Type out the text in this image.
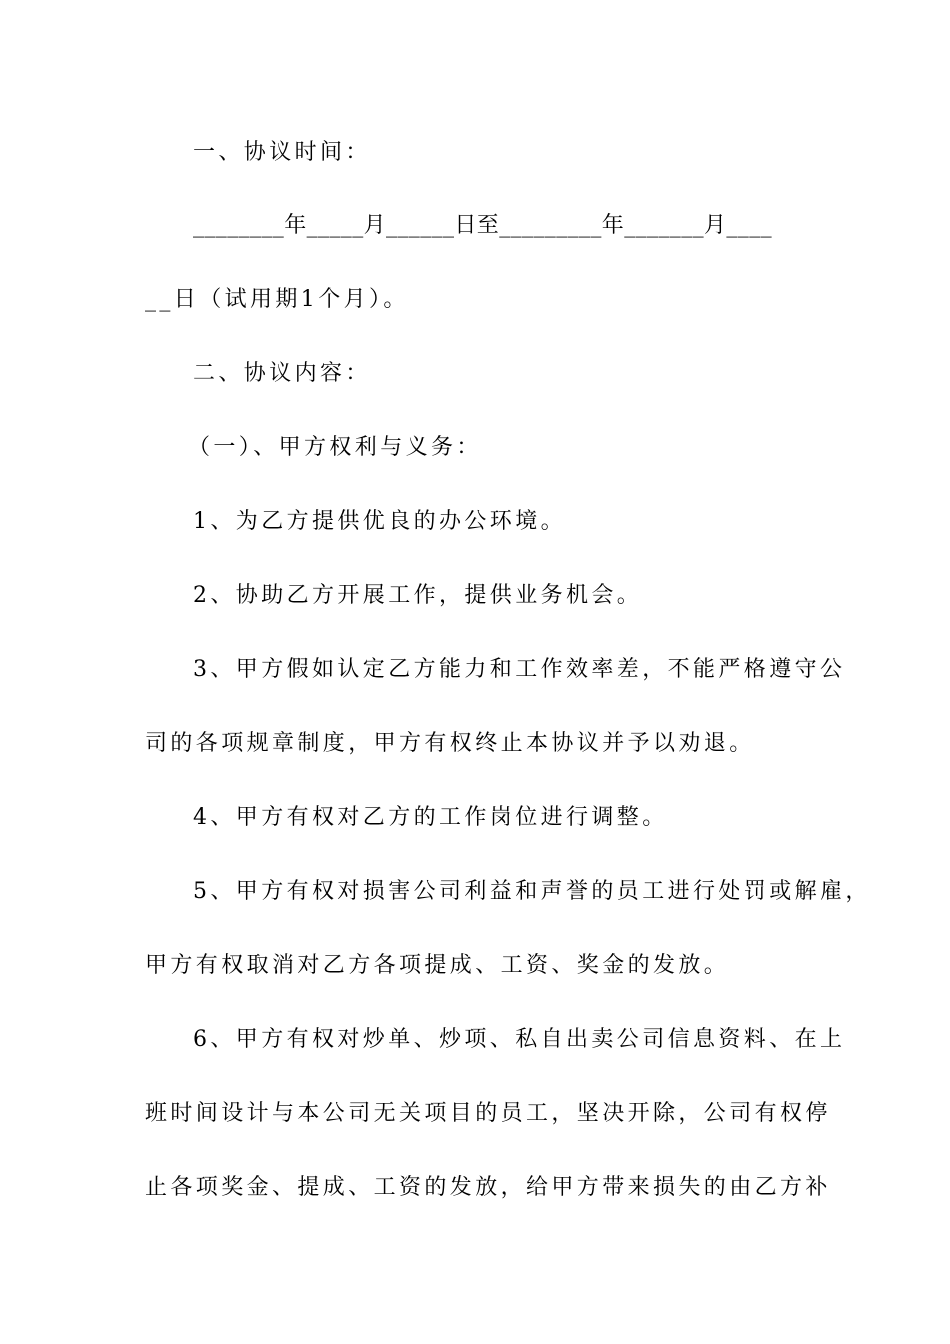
一、协议时间：
________年_____月______日至_________年_______月____
__日（试用期1个月）。
二、协议内容：
（一）、甲方权利与义务：
1、为乙方提供优良的办公环境。
2、协助乙方开展工作，提供业务机会。
3、甲方假如认定乙方能力和工作效率差，不能严格遵守公
司的各项规章制度，甲方有权终止本协议并予以劝退。
4、甲方有权对乙方的工作岗位进行调整。
5、甲方有权对损害公司利益和声誉的员工进行处罚或解雇，
甲方有权取消对乙方各项提成、工资、奖金的发放。
6、甲方有权对炒单、炒项、私自出卖公司信息资料、在上
班时间设计与本公司无关项目的员工，坚决开除，公司有权停
止各项奖金、提成、工资的发放，给甲方带来损失的由乙方补
